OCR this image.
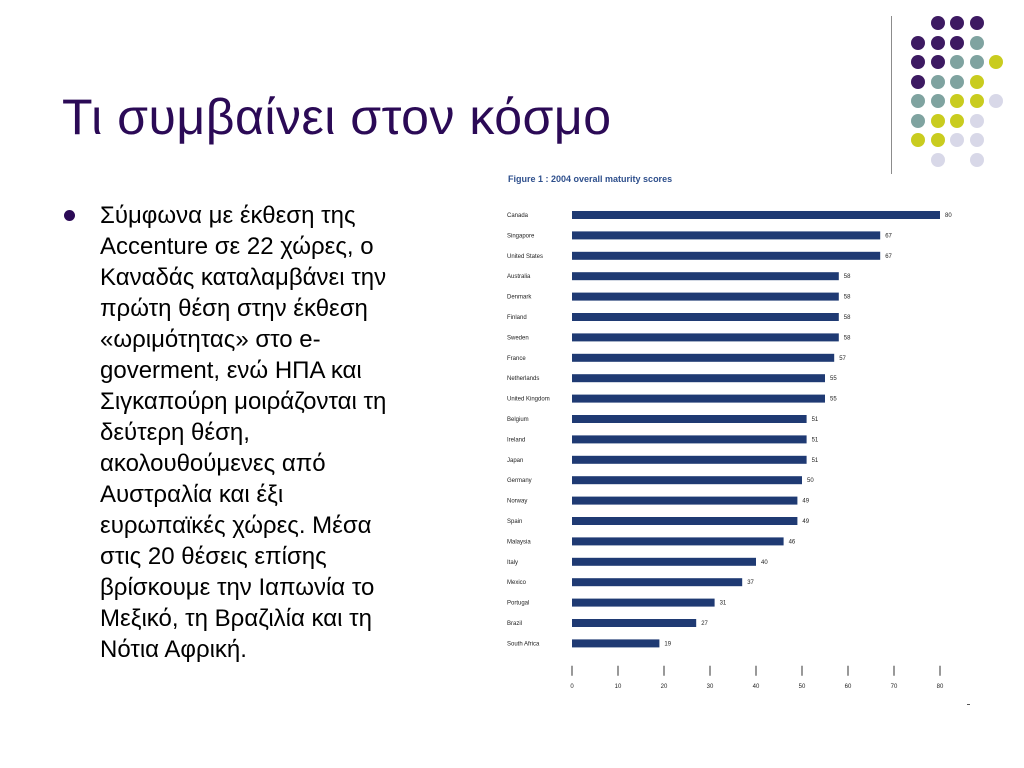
Τι συμβαίνει στον κόσμο
Σύμφωνα με έκθεση της
Accenture σε 22 χώρες, ο
Καναδάς καταλαμβάνει την
πρώτη θέση στην έκθεση
«ωριμότητας» στο e-
goverment, ενώ ΗΠΑ και
Σιγκαπούρη μοιράζονται τη
δεύτερη θέση,
ακολουθούμενες από
Αυστραλία και έξι
ευρωπαϊκές χώρες. Μέσα
στις 20 θέσεις επίσης
βρίσκουμε την Ιαπωνία το
Μεξικό, τη Βραζιλία και τη
Νότια Αφρική.
Figure 1 : 2004 overall maturity scores
Canada	80
Singapore	67
United States	67
Australia	58
Denmark	58
Finland	58
Sweden	58
France	57
Netherlands	55
United Kingdom	55
Belgium	51
Ireland	51
Japan	51
Germany	50
Norway	49
Spain	49
Malaysia	46
Italy	40
Mexico	37
Portugal	31
Brazil	27
South Africa	19
0	10	20	30	40	50	60	70	80
